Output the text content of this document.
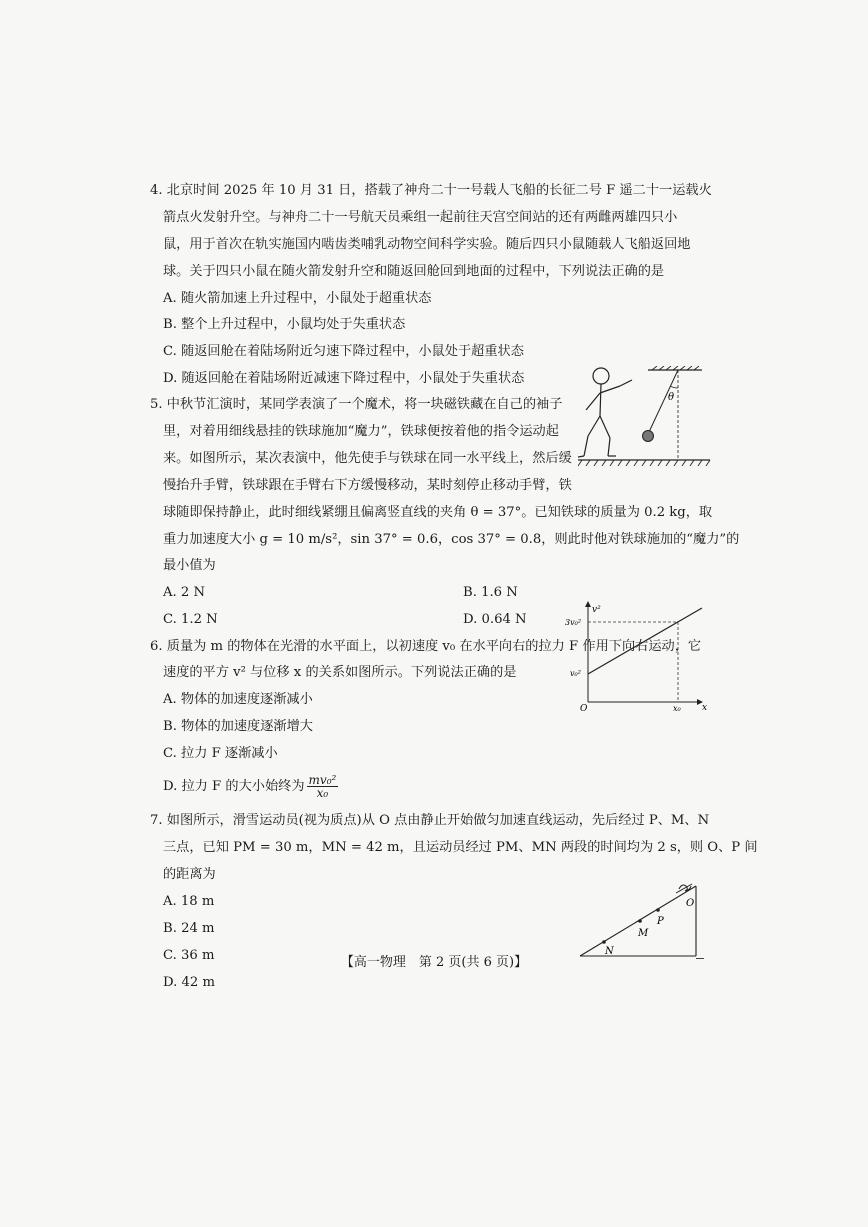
4. 北京时间 2025 年 10 月 31 日，搭载了神舟二十一号载人飞船的长征二号 F 遥二十一运载火
箭点火发射升空。与神舟二十一号航天员乘组一起前往天宫空间站的还有两雌两雄四只小
鼠，用于首次在轨实施国内啮齿类哺乳动物空间科学实验。随后四只小鼠随载人飞船返回地
球。关于四只小鼠在随火箭发射升空和随返回舱回到地面的过程中，下列说法正确的是
A. 随火箭加速上升过程中，小鼠处于超重状态
B. 整个上升过程中，小鼠均处于失重状态
C. 随返回舱在着陆场附近匀速下降过程中，小鼠处于超重状态
D. 随返回舱在着陆场附近减速下降过程中，小鼠处于失重状态
5. 中秋节汇演时，某同学表演了一个魔术，将一块磁铁藏在自己的袖子
里，对着用细线悬挂的铁球施加“魔力”，铁球便按着他的指令运动起
来。如图所示，某次表演中，他先使手与铁球在同一水平线上，然后缓
慢抬升手臂，铁球跟在手臂右下方缓慢移动，某时刻停止移动手臂，铁
球随即保持静止，此时细线紧绷且偏离竖直线的夹角 θ = 37°。已知铁球的质量为 0.2 kg，取
重力加速度大小 g = 10 m/s²，sin 37° = 0.6，cos 37° = 0.8，则此时他对铁球施加的“魔力”的
最小值为
A. 2 N	B. 1.6 N
C. 1.2 N	D. 0.64 N
θ
6. 质量为 m 的物体在光滑的水平面上，以初速度 v₀ 在水平向右的拉力 F 作用下向右运动，它
速度的平方 v² 与位移 x 的关系如图所示。下列说法正确的是
A. 物体的加速度逐渐减小
B. 物体的加速度逐渐增大
C. 拉力 F 逐渐减小
D. 拉力 F 的大小始终为 $\frac{\text{mv₀²}}{\text{x₀}}$
v²
x
O
3v₀²
v₀²
x₀
7. 如图所示，滑雪运动员(视为质点)从 O 点由静止开始做匀加速直线运动，先后经过 P、M、N
三点，已知 PM = 30 m，MN = 42 m，且运动员经过 PM、MN 两段的时间均为 2 s，则 O、P 间
的距离为
A. 18 m
B. 24 m
C. 36 m
D. 42 m
O
P
M
N
【高一物理　第 2 页(共 6 页)】
